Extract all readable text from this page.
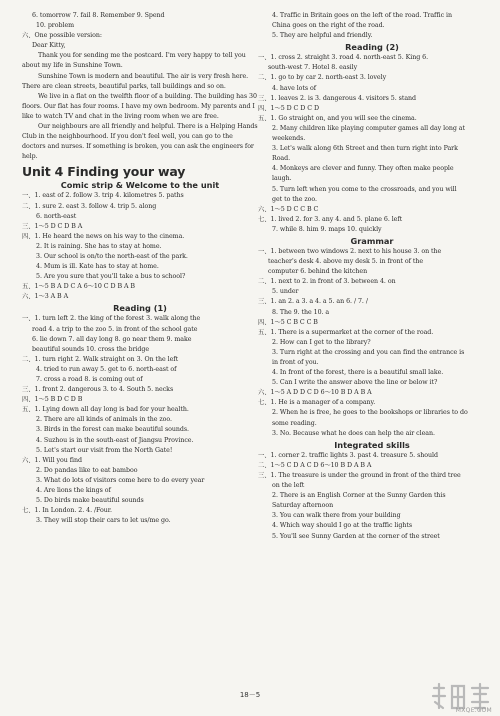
6. tomorrow 7. fail 8. Remember 9. Spend
10. problem
六、One possible version:
Dear Kitty,
Thank you for sending me the postcard. I'm very happy to tell you about my life in Sunshine Town.
Sunshine Town is modern and beautiful. The air is very fresh here. There are clean streets, beautiful parks, tall buildings and so on.
We live in a flat on the twelfth floor of a building. The building has 30 floors. Our flat has four rooms. I have my own bedroom. My parents and I like to watch TV and chat in the living room when we are free.
Our neighbours are all friendly and helpful. There is a Helping Hands Club in the neighbourhood. If you don't feel well, you can go to the doctors and nurses. If something is broken, you can ask the engineers for help.
Unit 4 Finding your way
Comic strip & Welcome to the unit
一、1. east of 2. follow 3. trip 4. kilometres 5. paths
二、1. sure 2. east 3. follow 4. trip 5. along
6. north-east
三、1～5 D C D B A
四、1. He heard the news on his way to the cinema.
2. It is raining. She has to stay at home.
3. Our school is on/to the north-east of the park.
4. Mum is ill. Kate has to stay at home.
5. Are you sure that you'll take a bus to school?
五、1～5 B A D C A 6～10 C D B A B
六、1～3 A B A
Reading (1)
一、1. turn left 2. the king of the forest 3. walk along the
road 4. a trip to the zoo 5. in front of the school gate
6. lie down 7. all day long 8. go near them 9. make
beautiful sounds 10. cross the bridge
二、1. turn right 2. Walk straight on 3. On the left
4. tried to run away 5. get to 6. north-east of
7. cross a road 8. is coming out of
三、1. front 2. dangerous 3. to 4. South 5. necks
四、1～5 B D C D B
五、1. Lying down all day long is bad for your health.
2. There are all kinds of animals in the zoo.
3. Birds in the forest can make beautiful sounds.
4. Suzhou is in the south-east of Jiangsu Province.
5. Let's start our visit from the North Gate!
六、1. Will you find
2. Do pandas like to eat bamboo
3. What do lots of visitors come here to do every year
4. Are lions the kings of
5. Do birds make beautiful sounds
七、1. In London. 2. 4. /Four.
3. They will stop their cars to let us/me go.
4. Traffic in Britain goes on the left of the road. Traffic in
China goes on the right of the road.
5. They are helpful and friendly.
Reading (2)
一、1. cross 2. straight 3. road 4. north-east 5. King 6.
south-west 7. Hotel 8. easily
二、1. go to by car 2. north-east 3. lovely
4. have lots of
三、1. leaves 2. is 3. dangerous 4. visitors 5. stand
四、1～5 D C D C D
五、1. Go straight on, and you will see the cinema.
2. Many children like playing computer games all day long at
weekends.
3. Let's walk along 6th Street and then turn right into Park
Road.
4. Monkeys are clever and funny. They often make people
laugh.
5. Turn left when you come to the crossroads, and you will
get to the zoo.
六、1～5 D C C B C
七、1. lived 2. for 3. any 4. and 5. plane 6. left
7. while 8. him 9. maps 10. quickly
Grammar
一、1. between two windows 2. next to his house 3. on the
teacher's desk 4. above my desk 5. in front of the
computer 6. behind the kitchen
二、1. next to 2. in front of 3. between 4. on
5. under
三、1. an 2. a 3. a 4. a 5. an 6. / 7. /
8. The 9. the 10. a
四、1～5 C B C C B
五、1. There is a supermarket at the corner of the road.
2. How can I get to the library?
3. Turn right at the crossing and you can find the entrance is
in front of you.
4. In front of the forest, there is a beautiful small lake.
5. Can I write the answer above the line or below it?
六、1～5 A D D C D 6～10 B D A B A
七、1. He is a manager of a company.
2. When he is free, he goes to the bookshops or libraries to do
some reading.
3. No. Because what he does can help the air clean.
Integrated skills
一、1. corner 2. traffic lights 3. past 4. treasure 5. should
二、1～5 C D A C D 6～10 B D A B A
三、1. The treasure is under the ground in front of the third tree
on the left
2. There is an English Corner at the Sunny Garden this
Saturday afternoon
3. You can walk there from your building
4. Which way should I go at the traffic lights
5. You'll see Sunny Garden at the corner of the street
18－5
MXQE.COM
